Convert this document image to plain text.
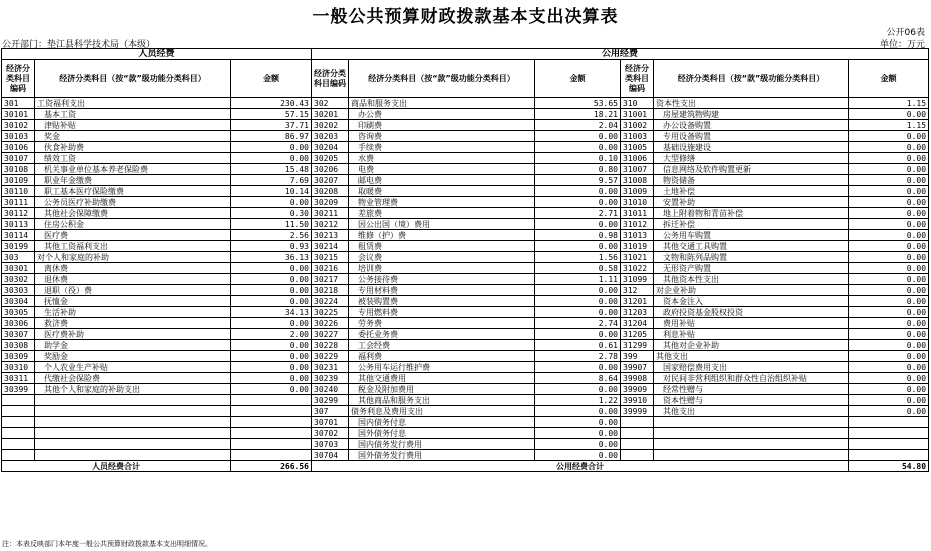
一般公共预算财政拨款基本支出决算表
公开06表
公开部门：垫江县科学技术局（本级）	单位：万元
人员经费			公用经费					
经济分类科目编码	经济分类科目（按“款”级功能分类科目）	金额	经济分类科目编码	经济分类科目（按“款”级功能分类科目）	金额	经济分类科目编码	经济分类科目（按“款”级功能分类科目）	金额
301	工资福利支出	230.43	302	商品和服务支出	53.65	310	资本性支出	1.15
30101	基本工资	57.15	30201	办公费	18.21	31001	房屋建筑物购建	0.00
30102	津贴补贴	37.71	30202	印刷费	2.04	31002	办公设备购置	1.15
30103	奖金	86.97	30203	咨询费	0.00	31003	专用设备购置	0.00
30106	伙食补助费	0.00	30204	手续费	0.00	31005	基础设施建设	0.00
30107	绩效工资	0.00	30205	水费	0.10	31006	大型修缮	0.00
30108	机关事业单位基本养老保险费	15.48	30206	电费	0.80	31007	信息网络及软件购置更新	0.00
30109	职业年金缴费	7.69	30207	邮电费	9.57	31008	物资储备	0.00
30110	职工基本医疗保险缴费	10.14	30208	取暖费	0.00	31009	土地补偿	0.00
30111	公务员医疗补助缴费	0.00	30209	物业管理费	0.00	31010	安置补助	0.00
30112	其他社会保障缴费	0.30	30211	差旅费	2.71	31011	地上附着物和青苗补偿	0.00
30113	住房公积金	11.50	30212	因公出国（境）费用	0.00	31012	拆迁补偿	0.00
30114	医疗费	2.56	30213	维修（护）费	0.98	31013	公务用车购置	0.00
30199	其他工资福利支出	0.93	30214	租赁费	0.00	31019	其他交通工具购置	0.00
303	对个人和家庭的补助	36.13	30215	会议费	1.56	31021	文物和陈列品购置	0.00
30301	离休费	0.00	30216	培训费	0.58	31022	无形资产购置	0.00
30302	退休费	0.00	30217	公务接待费	1.11	31099	其他资本性支出	0.00
30303	退职（役）费	0.00	30218	专用材料费	0.00	312	对企业补助	0.00
30304	抚恤金	0.00	30224	被装购置费	0.00	31201	资本金注入	0.00
30305	生活补助	34.13	30225	专用燃料费	0.00	31203	政府投资基金股权投资	0.00
30306	救济费	0.00	30226	劳务费	2.74	31204	费用补贴	0.00
30307	医疗费补助	2.00	30227	委托业务费	0.00	31205	利息补贴	0.00
30308	助学金	0.00	30228	工会经费	0.61	31299	其他对企业补助	0.00
30309	奖励金	0.00	30229	福利费	2.78	399	其他支出	0.00
30310	个人农业生产补贴	0.00	30231	公务用车运行维护费	0.00	39907	国家赔偿费用支出	0.00
30311	代缴社会保险费	0.00	30239	其他交通费用	8.64	39908	对民间非营利组织和群众性自治组织补贴	0.00
30399	其他个人和家庭的补助支出	0.00	30240	税金及附加费用	0.00	39909	经常性赠与	0.00
			30299	其他商品和服务支出	1.22	39910	资本性赠与	0.00
			307	债务利息及费用支出	0.00	39999	其他支出	0.00
			30701	国内债务付息	0.00			
			30702	国外债务付息	0.00			
			30703	国内债务发行费用	0.00			
			30704	国外债务发行费用	0.00			
人员经费合计		266.56	公用经费合计					54.80
注：本表反映部门本年度一般公共预算财政拨款基本支出明细情况。
